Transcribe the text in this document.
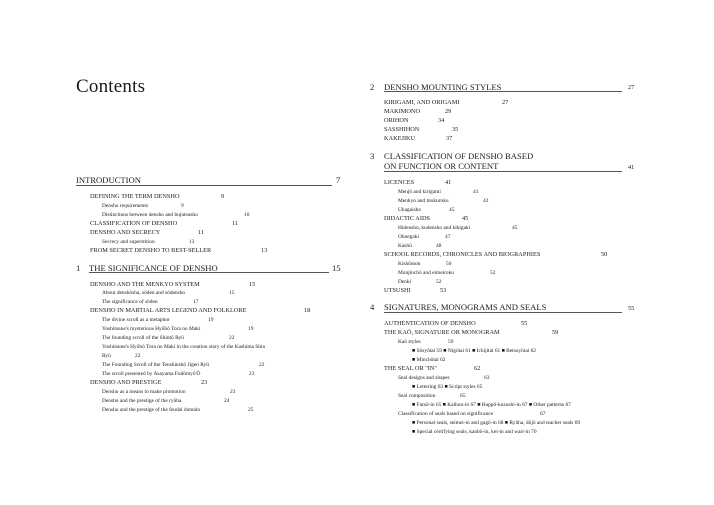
Contents
INTRODUCTION	7
DEFINING THE TERM DENSHO	9
Densho requirements	9
Distinctions between densho and bujutsusho	10
CLASSIFICATION OF DENSHO	11
DENSHO AND SECRECY	11
Secrecy and superstition	13
FROM SECRET DENSHO TO BEST-SELLER	13
1 THE SIGNIFICANCE OF DENSHO	15
DENSHO AND THE MENKYO SYSTEM	15
About denshōsha, sōden and sōdensho	15
The significance of sōden	17
DENSHO IN MARTIAL ARTS LEGEND AND FOLKLORE	18
The divine scroll as a metaphor	19
Yoshitsune's mysterious Hyōhō Tora no Maki	19
The founding scroll of the Shintō Ryū	22
Yoshitsune's Hyōhō Tora no Maki in the creation story of the Kashima Shin
Ryū	22
The Founding Scroll of the Tenshinshō Jigen Ryū	22
The scroll presented by Asayama Fudōmyō'Ō	23
DENSHO AND PRESTIGE	23
Densho as a means to make promotion	23
Densho and the prestige of the ryūha	24
Densho and the prestige of the feudal domain	25
2 DENSHO MOUNTING STYLES	27
KIRIGAMI, AND ORIGAMI	27
MAKIMONO	29
ORIHON	34
SASSHIHON	35
KAKEJIKU	37
3 CLASSIFICATION OF DENSHO BASED
ON FUNCTION OR CONTENT	41
LICENCES	41
Menjō and kirigami	41
Menkyo and mokuroku	42
Ukagaisho	45
DIDACTIC AIDS	45
Hidensho, kudensho and kikigaki	45
Oboegaki	47
Kashū	48
SCHOOL RECORDS, CHRONICLES AND BIOGRAPHIES	50
Kishōmon	50
Monjinchō and eimeiroku	52
Denki	52
UTSUSHI	53
4 SIGNATURES, MONOGRAMS AND SEALS	55
AUTHENTICATION OF DENSHO	55
THE KAŌ, SIGNATURE OR MONOGRAM	59
Kaō styles	59
■ Sōsyōtai 59 ■ Nigōtai 61 ■ Ichijitai 61 ■ Betsuyōtai 62
■ Minchōtai 62
THE SEAL OR "IN"	62
Seal designs and shapes	63
■ Lettering 63 ■ Script styles 65
Seal composition	65
■ Futsū-in 65 ■ Kaibun-in 67 ■ Happō-kuzushi-in 67 ■ Other patterns 67
Classification of seals based on significance	67
■ Personal seals, seimei-in and gagō-in 68 ■ Ryūha, dōjō and teacher seals 69
■ Special certifying seals, kanbō-in, kei-in and wari-in 70
